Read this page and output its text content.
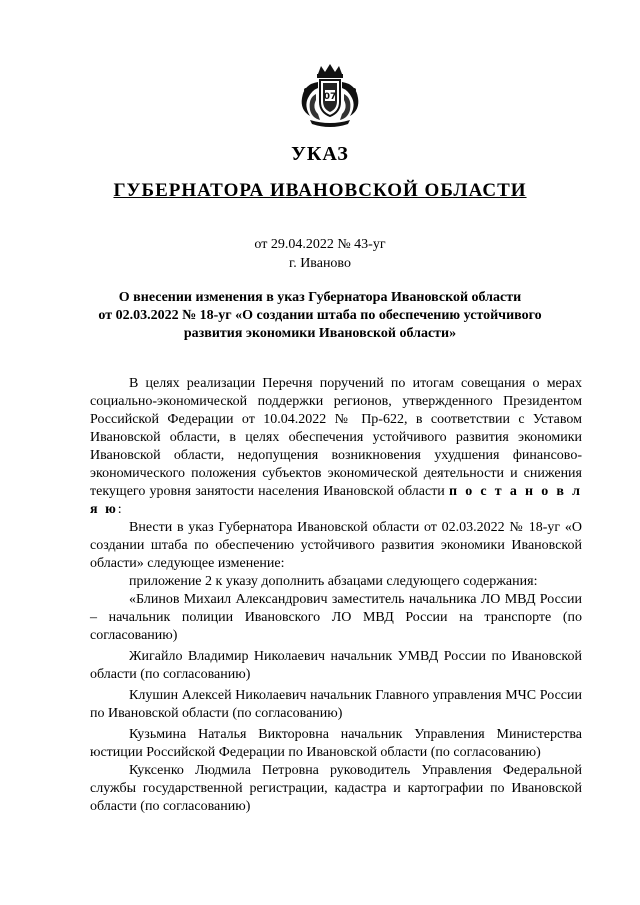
07
УКАЗ
ГУБЕРНАТОРА ИВАНОВСКОЙ ОБЛАСТИ
от 29.04.2022 № 43-уг
г. Иваново
О внесении изменения в указ Губернатора Ивановской области
от 02.03.2022 № 18-уг «О создании штаба по обеспечению устойчивого
развития экономики Ивановской области»

В целях реализации Перечня поручений по итогам совещания о мерах социально-экономической поддержки регионов, утвержденного Президентом Российской Федерации от 10.04.2022 № Пр-622, в соответствии с Уставом Ивановской области, в целях обеспечения устойчивого развития экономики Ивановской области, недопущения возникновения ухудшения финансово-экономического положения субъектов экономической деятельности и снижения текущего уровня занятости населения Ивановской области п о с т а н о в л я ю:

Внести в указ Губернатора Ивановской области от 02.03.2022 № 18-уг «О создании штаба по обеспечению устойчивого развития экономики Ивановской области» следующее изменение:

приложение 2 к указу дополнить абзацами следующего содержания:

«Блинов Михаил Александрович заместитель начальника ЛО МВД России – начальник полиции Ивановского ЛО МВД России на транспорте (по согласованию)

Жигайло Владимир Николаевич начальник УМВД России по Ивановской области (по согласованию)

Клушин Алексей Николаевич начальник Главного управления МЧС России по Ивановской области (по согласованию)

Кузьмина Наталья Викторовна начальник Управления Министерства юстиции Российской Федерации по Ивановской области (по согласованию)

Куксенко Людмила Петровна руководитель Управления Федеральной службы государственной регистрации, кадастра и картографии по Ивановской области (по согласованию)
